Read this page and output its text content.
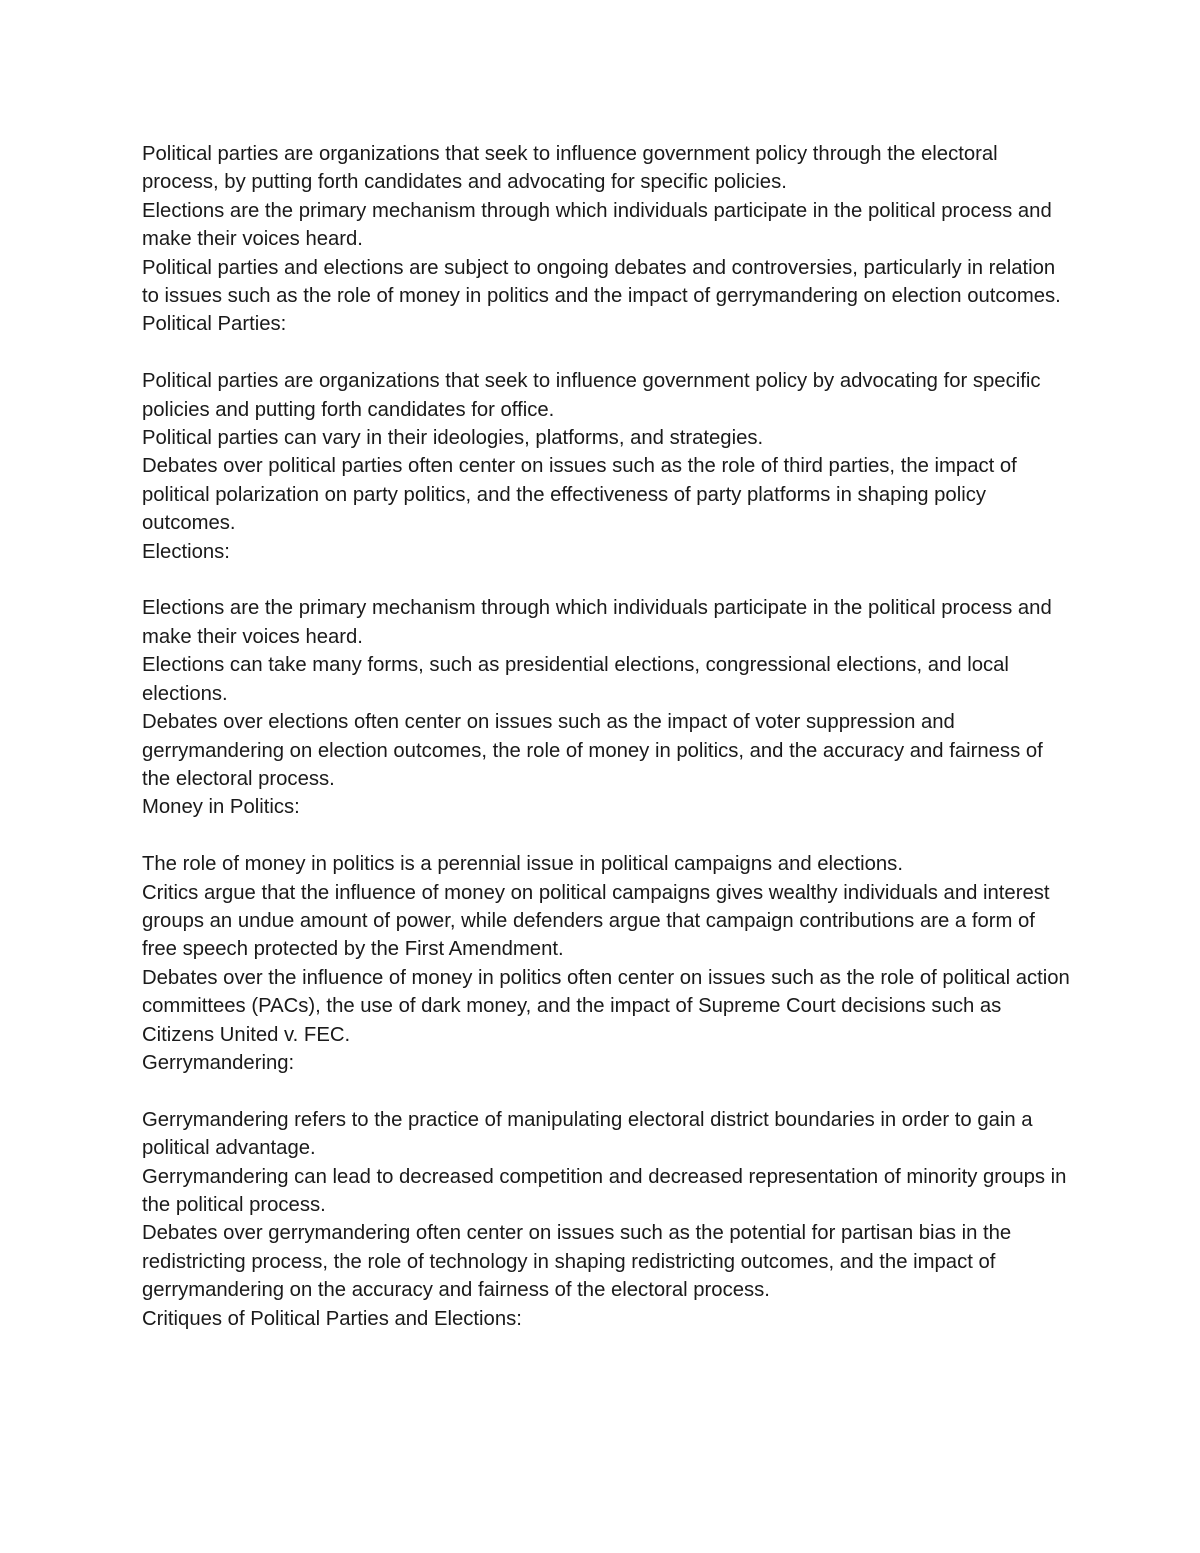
Political parties are organizations that seek to influence government policy through the electoral process, by putting forth candidates and advocating for specific policies.

Elections are the primary mechanism through which individuals participate in the political process and make their voices heard.

Political parties and elections are subject to ongoing debates and controversies, particularly in relation to issues such as the role of money in politics and the impact of gerrymandering on election outcomes.

Political Parties:

Political parties are organizations that seek to influence government policy by advocating for specific policies and putting forth candidates for office.

Political parties can vary in their ideologies, platforms, and strategies.

Debates over political parties often center on issues such as the role of third parties, the impact of political polarization on party politics, and the effectiveness of party platforms in shaping policy outcomes.

Elections:

Elections are the primary mechanism through which individuals participate in the political process and make their voices heard.

Elections can take many forms, such as presidential elections, congressional elections, and local elections.

Debates over elections often center on issues such as the impact of voter suppression and gerrymandering on election outcomes, the role of money in politics, and the accuracy and fairness of the electoral process.

Money in Politics:

The role of money in politics is a perennial issue in political campaigns and elections.

Critics argue that the influence of money on political campaigns gives wealthy individuals and interest groups an undue amount of power, while defenders argue that campaign contributions are a form of free speech protected by the First Amendment.

Debates over the influence of money in politics often center on issues such as the role of political action committees (PACs), the use of dark money, and the impact of Supreme Court decisions such as Citizens United v. FEC.

Gerrymandering:

Gerrymandering refers to the practice of manipulating electoral district boundaries in order to gain a political advantage.

Gerrymandering can lead to decreased competition and decreased representation of minority groups in the political process.

Debates over gerrymandering often center on issues such as the potential for partisan bias in the redistricting process, the role of technology in shaping redistricting outcomes, and the impact of gerrymandering on the accuracy and fairness of the electoral process.

Critiques of Political Parties and Elections:
